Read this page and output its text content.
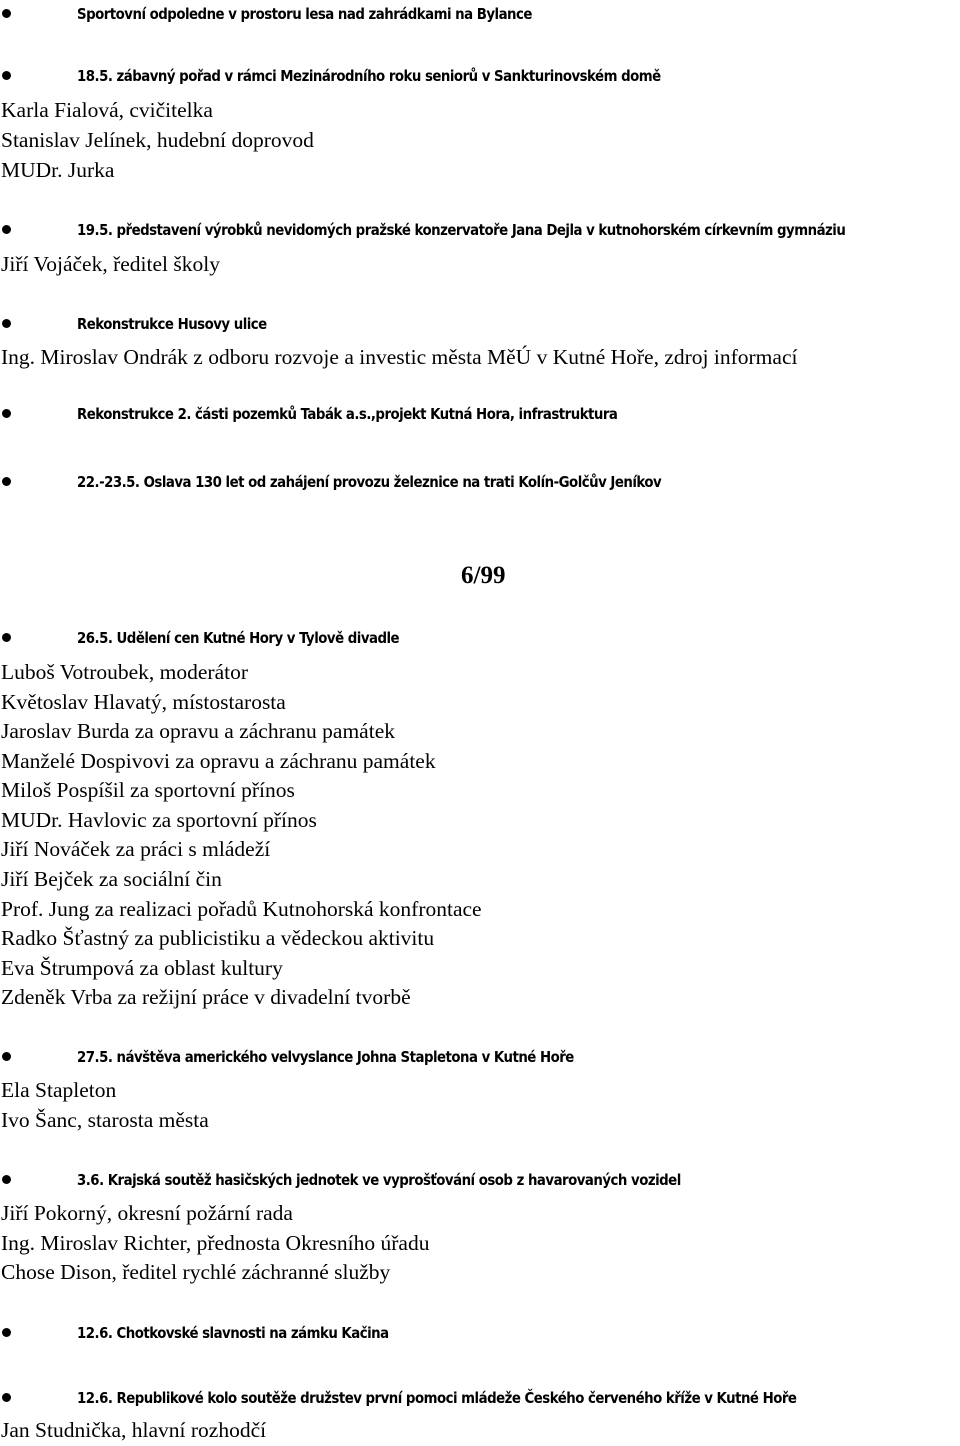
Sportovní odpoledne v prostoru lesa nad zahrádkami na Bylance
18.5. zábavný pořad v rámci Mezinárodního roku seniorů v Sankturinovském domě
Karla Fialová, cvičitelka
Stanislav Jelínek, hudební doprovod
MUDr. Jurka
19.5. představení výrobků nevidomých pražské konzervatoře Jana Dejla v kutnohorském církevním gymnáziu
Jiří Vojáček, ředitel školy
Rekonstrukce Husovy ulice
Ing. Miroslav Ondrák z odboru rozvoje a investic města MěÚ v Kutné Hoře, zdroj informací
Rekonstrukce 2. části pozemků Tabák a.s.,projekt Kutná Hora, infrastruktura
22.-23.5. Oslava 130 let od zahájení provozu železnice na trati Kolín-Golčův Jeníkov
6/99
26.5. Udělení cen Kutné Hory v Tylově divadle
Luboš Votroubek, moderátor
Květoslav Hlavatý, místostarosta
Jaroslav Burda za opravu a záchranu památek
Manželé Dospivovi za opravu a záchranu památek
Miloš Pospíšil za sportovní přínos
MUDr. Havlovic za sportovní přínos
Jiří Nováček za práci s mládeží
Jiří Bejček za sociální čin
Prof. Jung za realizaci pořadů Kutnohorská konfrontace
Radko Šťastný za publicistiku a vědeckou aktivitu
Eva Štrumpová za oblast kultury
Zdeněk Vrba za režijní práce v divadelní tvorbě
27.5. návštěva amerického velvyslance Johna Stapletona v Kutné Hoře
Ela Stapleton
Ivo Šanc, starosta města
3.6. Krajská soutěž hasičských jednotek ve vyprošťování osob z havarovaných vozidel
Jiří Pokorný, okresní požární rada
Ing. Miroslav Richter, přednosta Okresního úřadu
Chose Dison, ředitel rychlé záchranné služby
12.6. Chotkovské slavnosti na zámku Kačina
12.6. Republikové kolo soutěže družstev první pomoci mládeže Českého červeného kříže v Kutné Hoře
Jan Studnička, hlavní rozhodčí
